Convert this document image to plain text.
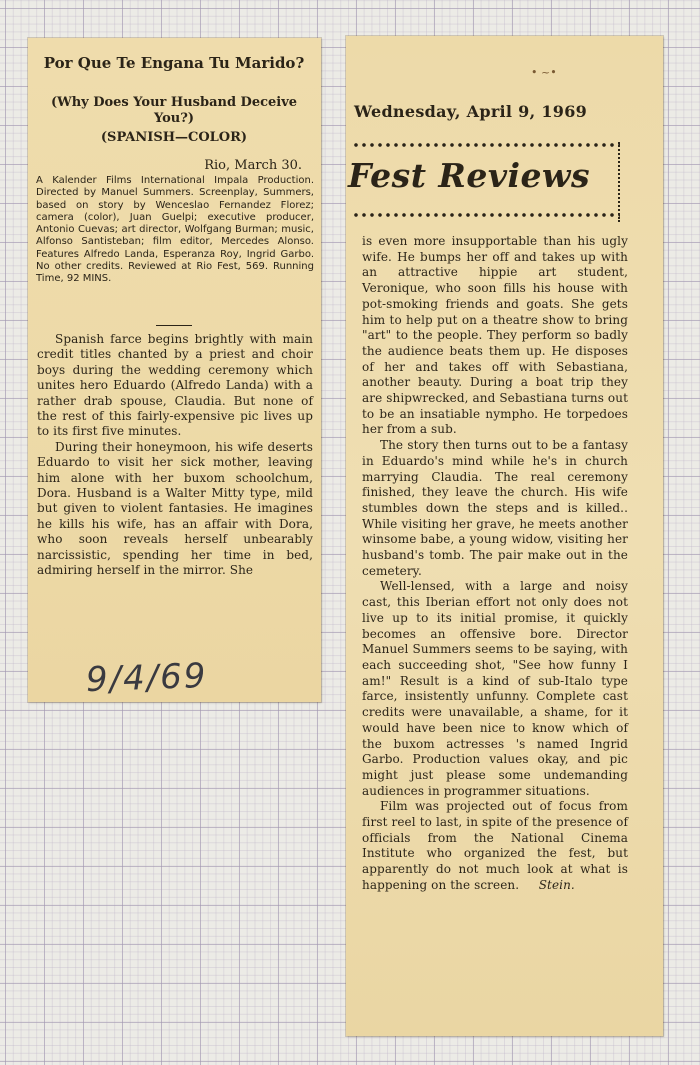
Por Que Te Engana Tu Marido?
(Why Does Your Husband Deceive You?)
(SPANISH—COLOR)
Rio, March 30.

A Kalender Films International Impala Production. Directed by Manuel Summers. Screenplay, Summers, based on story by Wenceslao Fernandez Florez; camera (color), Juan Guelpi; executive producer, Antonio Cuevas; art director, Wolfgang Burman; music, Alfonso Santisteban; film editor, Mercedes Alonso. Features Alfredo Landa, Esperanza Roy, Ingrid Garbo. No other credits. Reviewed at Rio Fest, 569. Running Time, 92 MINS.

Spanish farce begins brightly with main credit titles chanted by a priest and choir boys during the wedding ceremony which unites hero Eduardo (Alfredo Landa) with a rather drab spouse, Claudia. But none of the rest of this fairly-expensive pic lives up to its first five minutes.

During their honeymoon, his wife deserts Eduardo to visit her sick mother, leaving him alone with her buxom schoolchum, Dora. Husband is a Walter Mitty type, mild but given to violent fantasies. He imagines he kills his wife, has an affair with Dora, who soon reveals herself unbearably narcissistic, spending her time in bed, admiring herself in the mirror. She

9/4/69
• ~•
Wednesday, April 9, 1969
Fest Reviews

is even more insupportable than his ugly wife. He bumps her off and takes up with an attractive hippie art student, Veronique, who soon fills his house with pot-smoking friends and goats. She gets him to help put on a theatre show to bring "art" to the people. They perform so badly the audience beats them up. He disposes of her and takes off with Sebastiana, another beauty. During a boat trip they are shipwrecked, and Sebastiana turns out to be an insatiable nympho. He torpedoes her from a sub.

The story then turns out to be a fantasy in Eduardo's mind while he's in church marrying Claudia. The real ceremony finished, they leave the church. His wife stumbles down the steps and is killed.. While visiting her grave, he meets another winsome babe, a young widow, visiting her husband's tomb. The pair make out in the cemetery.

Well-lensed, with a large and noisy cast, this Iberian effort not only does not live up to its initial promise, it quickly becomes an offensive bore. Director Manuel Summers seems to be saying, with each succeeding shot, "See how funny I am!" Result is a kind of sub-Italo type farce, insistently unfunny. Complete cast credits were unavailable, a shame, for it would have been nice to know which of the buxom actresses 's named Ingrid Garbo. Production values okay, and pic might just please some undemanding audiences in programmer situations.

Film was projected out of focus from first reel to last, in spite of the presence of officials from the National Cinema Institute who organized the fest, but apparently do not much look at what is happening on the screen. Stein.
